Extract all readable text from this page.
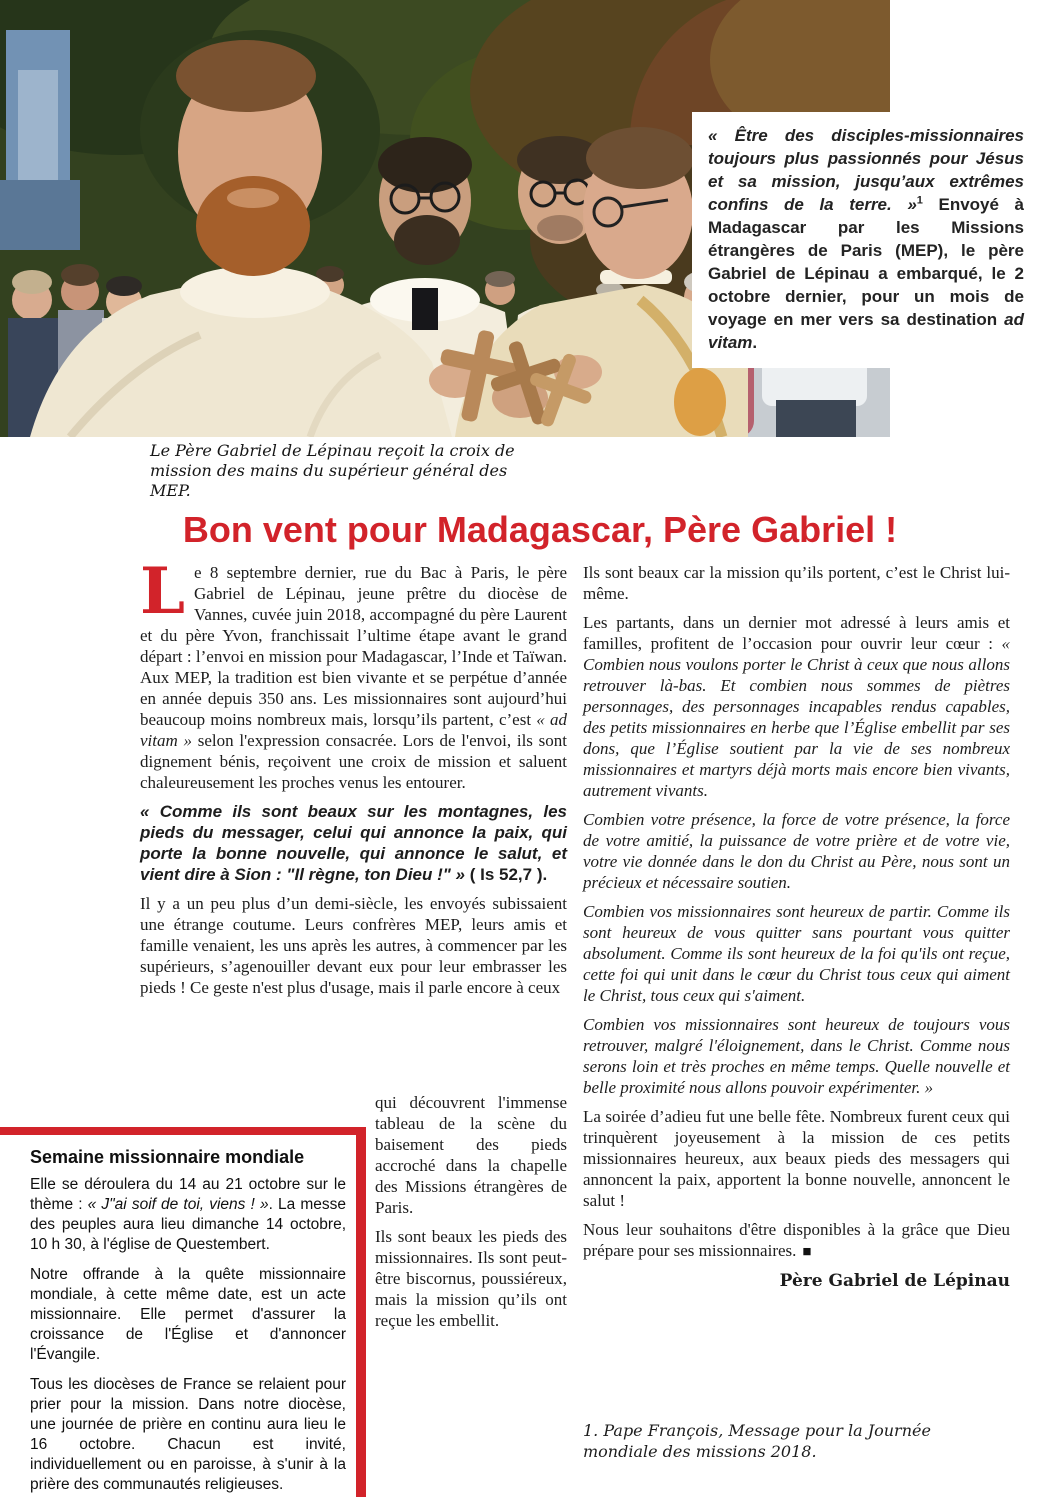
« Être des disciples-missionnaires toujours plus passionnés pour Jésus et sa mission, jusqu’aux extrêmes confins de la terre. »$^1$ Envoyé à Madagascar par les Missions étrangères de Paris (MEP), le père Gabriel de Lépinau a embarqué, le 2 octobre dernier, pour un mois de voyage en mer vers sa destination ad vitam.
Le Père Gabriel de Lépinau reçoit la croix de mission des mains du supérieur général des MEP.
Bon vent pour Madagascar, Père Gabriel !

Le 8 septembre dernier, rue du Bac à Paris, le père Gabriel de Lépinau, jeune prêtre du diocèse de Vannes, cuvée juin 2018, accompagné du père Laurent et du père Yvon, franchissait l’ultime étape avant le grand départ : l’envoi en mission pour Madagascar, l’Inde et Taïwan. Aux MEP, la tradition est bien vivante et se perpétue d’année en année depuis 350 ans. Les missionnaires sont aujourd’hui beaucoup moins nombreux mais, lorsqu’ils partent, c’est « ad vitam » selon l'expression consacrée. Lors de l'envoi, ils sont dignement bénis, reçoivent une croix de mission et saluent chaleureusement les proches venus les entourer.

« Comme ils sont beaux sur les montagnes, les pieds du messager, celui qui annonce la paix, qui porte la bonne nouvelle, qui annonce le salut, et vient dire à Sion : "Il règne, ton Dieu !" » ( Is 52,7 ).

Il y a un peu plus d’un demi-siècle, les envoyés subissaient une étrange coutume. Leurs confrères MEP, leurs amis et famille venaient, les uns après les autres, à commencer par les supérieurs, s’agenouiller devant eux pour leur embrasser les pieds ! Ce geste n'est plus d'usage, mais il parle encore à ceux

qui découvrent l'immense tableau de la scène du baisement des pieds accroché dans la chapelle des Missions étrangères de Paris.

Ils sont beaux les pieds des missionnaires. Ils sont peut- être biscornus, poussiéreux, mais la mission qu’ils ont reçue les embellit.

Ils sont beaux car la mission qu’ils portent, c’est le Christ lui-même.

Les partants, dans un dernier mot adressé à leurs amis et familles, profitent de l’occasion pour ouvrir leur cœur : « Combien nous voulons porter le Christ à ceux que nous allons retrouver là-bas. Et combien nous sommes de piètres personnages, des personnages incapables rendus capables, des petits missionnaires en herbe que l’Église embellit par ses dons, que l’Église soutient par la vie de ses nombreux missionnaires et martyrs déjà morts mais encore bien vivants, autrement vivants.

Combien votre présence, la force de votre présence, la force de votre amitié, la puissance de votre prière et de votre vie, votre vie donnée dans le don du Christ au Père, nous sont un précieux et nécessaire soutien.

Combien vos missionnaires sont heureux de partir. Comme ils sont heureux de vous quitter sans pourtant vous quitter absolument. Comme ils sont heureux de la foi qu'ils ont reçue, cette foi qui unit dans le cœur du Christ tous ceux qui aiment le Christ, tous ceux qui s'aiment.

Combien vos missionnaires sont heureux de toujours vous retrouver, malgré l'éloignement, dans le Christ. Comme nous serons loin et très proches en même temps. Quelle nouvelle et belle proximité nous allons pouvoir expérimenter. »

La soirée d’adieu fut une belle fête. Nombreux furent ceux qui trinquèrent joyeusement à la mission de ces petits missionnaires heureux, aux beaux pieds des messagers qui annoncent la paix, apportent la bonne nouvelle, annoncent le salut !

Nous leur souhaitons d'être disponibles à la grâce que Dieu prépare pour ses missionnaires. ■

Père Gabriel de Lépinau

1. Pape François, Message pour la Journée mondiale des missions 2018.
Semaine missionnaire mondiale

Elle se déroulera du 14 au 21 octobre sur le thème : « J"ai soif de toi, viens ! ». La messe des peuples aura lieu dimanche 14 octobre, 10 h 30, à l'église de Questembert.

Notre offrande à la quête missionnaire mondiale, à cette même date, est un acte missionnaire. Elle permet d'assurer la croissance de l'Église et d'annoncer l'Évangile.

Tous les diocèses de France se relaient pour prier pour la mission. Dans notre diocèse, une journée de prière en continu aura lieu le 16 octobre. Chacun est invité, individuellement ou en paroisse, à s'unir à la prière des communautés religieuses.
